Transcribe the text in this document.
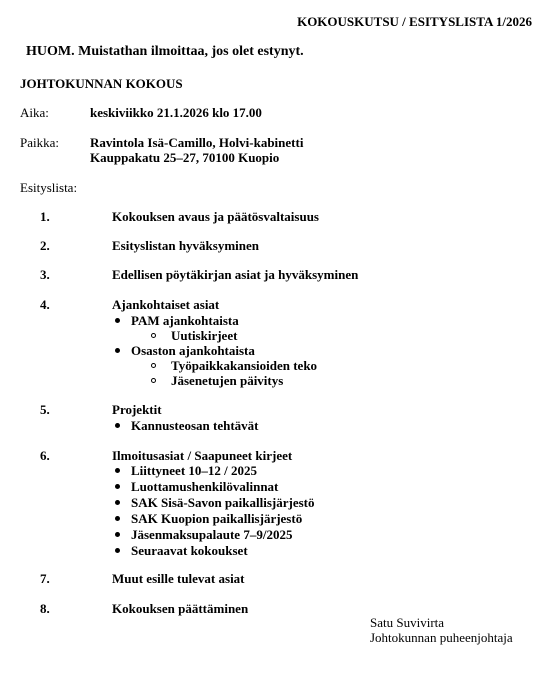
KOKOUSKUTSU / ESITYSLISTA 1/2026
HUOM. Muistathan ilmoittaa, jos olet estynyt.
JOHTOKUNNAN KOKOUS
Aika:	keskiviikko 21.1.2026 klo 17.00
Paikka: Ravintola Isä-Camillo, Holvi-kabinetti
Kauppakatu 25–27, 70100 Kuopio
Esityslista:
1.	Kokouksen avaus ja päätösvaltaisuus
2.	Esityslistan hyväksyminen
3.	Edellisen pöytäkirjan asiat ja hyväksyminen
4.	Ajankohtaiset asiat
PAM ajankohtaista
Uutiskirjeet
Osaston ajankohtaista
Työpaikkakansioiden teko
Jäsenetujen päivitys
5.	Projektit
Kannusteosan tehtävät
6.	Ilmoitusasiat / Saapuneet kirjeet
Liittyneet 10–12 / 2025
Luottamushenkilövalinnat
SAK Sisä-Savon paikallisjärjestö
SAK Kuopion paikallisjärjestö
Jäsenmaksupalaute 7–9/2025
Seuraavat kokoukset
7.	Muut esille tulevat asiat
8.	Kokouksen päättäminen
Satu Suvivirta
Johtokunnan puheenjohtaja
